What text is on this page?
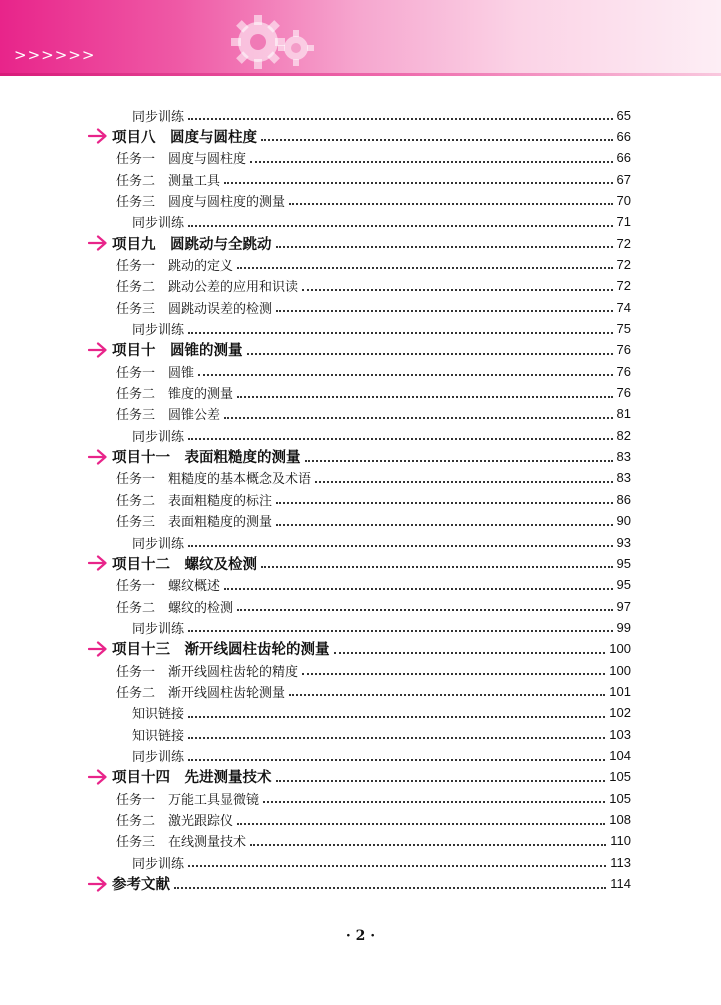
>>>>>>
同步训练	65
项目八　圆度与圆柱度	66
任务一　圆度与圆柱度	66
任务二　测量工具	67
任务三　圆度与圆柱度的测量	70
同步训练	71
项目九　圆跳动与全跳动	72
任务一　跳动的定义	72
任务二　跳动公差的应用和识读	72
任务三　圆跳动误差的检测	74
同步训练	75
项目十　圆锥的测量	76
任务一　圆锥	76
任务二　锥度的测量	76
任务三　圆锥公差	81
同步训练	82
项目十一　表面粗糙度的测量	83
任务一　粗糙度的基本概念及术语	83
任务二　表面粗糙度的标注	86
任务三　表面粗糙度的测量	90
同步训练	93
项目十二　螺纹及检测	95
任务一　螺纹概述	95
任务二　螺纹的检测	97
同步训练	99
项目十三　渐开线圆柱齿轮的测量	100
任务一　渐开线圆柱齿轮的精度	100
任务二　渐开线圆柱齿轮测量	101
知识链接	102
知识链接	103
同步训练	104
项目十四　先进测量技术	105
任务一　万能工具显微镜	105
任务二　激光跟踪仪	108
任务三　在线测量技术	110
同步训练	113
参考文献	114
· 2 ·
